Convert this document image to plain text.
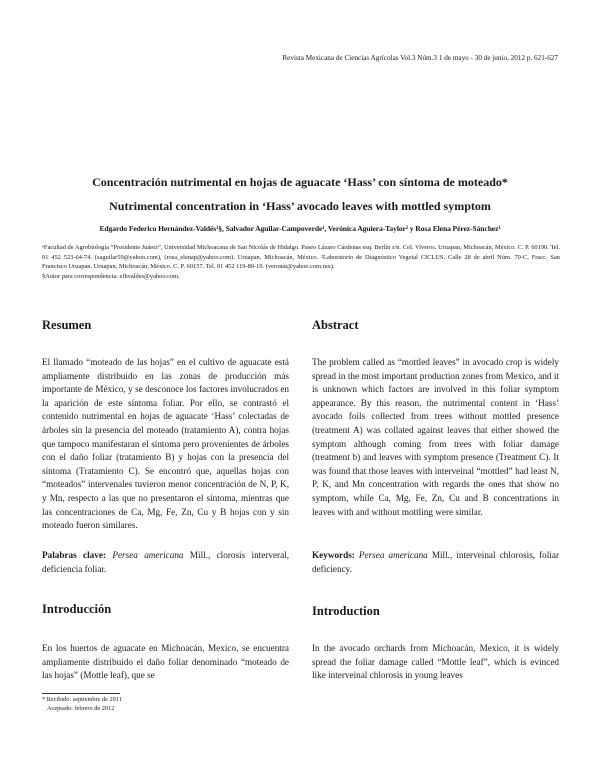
Revista Mexicana de Ciencias Agrícolas Vol.3 Núm.3 1 de mayo - 30 de junio, 2012 p. 621-627
Concentración nutrimental en hojas de aguacate ‘Hass’ con síntoma de moteado*
Nutrimental concentration in ‘Hass’ avocado leaves with mottled symptom
Edgardo Federico Hernández-Valdés¹§, Salvador Aguilar-Campoverde¹, Verónica Aguiera-Taylor² y Rosa Elena Pérez-Sánchez¹

¹Facultad de Agrobiología “Presidente Juárez”, Universidad Michoacana de San Nicolás de Hidalgo. Paseo Lázaro Cárdenas esq. Berlín s/n. Col. Viveros. Uruapan, Michoacán, México. C. P. 60190. Tel. 01 452 523-64-74. (saguilar59@yahoo.com), (rosa_elenap@yahoo.com). Uruapan, Michoacán, México. ²Laboratorio de Diagnóstico Vegetal CICLUS. Calle 28 de abril Núm. 70-C, Fracc. San Francisco Uruapan. Uruapan, Michoacán, México. C. P. 60157. Tel. 01 452 119-80-10. (veronat@yahoo.com.mx).

§Autor para correspondencia: efhvaldes@yahoo.com.

Resumen	Abstract

El llamado “moteado de las hojas” en el cultivo de aguacate está ampliamente distribuido en las zonas de producción más importante de México, y se desconoce los factores involucrados en la aparición de este síntoma foliar. Por ello, se contrastó el contenido nutrimental en hojas de aguacate ‘Hass’ colectadas de árboles sin la presencia del moteado (tratamiento A), contra hojas que tampoco manifestaran el síntoma pero provenientes de árboles con el daño foliar (tratamiento B) y hojas con la presencia del síntoma (Tratamiento C). Se encontró que, aquellas hojas con “moteados” intervenales tuvieron menor concentración de N, P, K, y Mn, respecto a las que no presentaron el síntoma, mientras que las concentraciones de Ca, Mg, Fe, Zn, Cu y B hojas con y sin moteado fueron similares.

The problem called as “mottled leaves” in avocado crop is widely spread in the most important production zones from Mexico, and it is unknown which factors are involved in this foliar symptom appearance. By this reason, the nutrimental content in ‘Hass’ avocado foils collected from trees without mottled presence (treatment A) was collated against leaves that either showed the symptom although coming from trees with foliar damage (treatment b) and leaves with symptom presence (Treatment C). It was found that those leaves with interveinal “mottled” had least N, P, K, and Mn concentration with regards the ones that show no symptom, while Ca, Mg, Fe, Zn, Cu and B concentrations in leaves with and without mottling were similar.

Palabras clave: Persea americana Mill., clorosis interveral, deficiencia foliar.
Keywords: Persea americana Mill., interveinal chlorosis, foliar deficiency.
Introducción	Introduction

En los huertos de aguacate en Michoacán, Mexico, se encuentra ampliamente distribuido el daño foliar denominado “moteado de las hojas” (Mottle leaf), que se

In the avocado orchards from Michoacán, Mexico, it is widely spread the foliar damage called “Mottle leaf”, which is evinced like interveinal chlorosis in young leaves

* Recibido: septiembre de 2011

Aceptado: febrero de 2012
